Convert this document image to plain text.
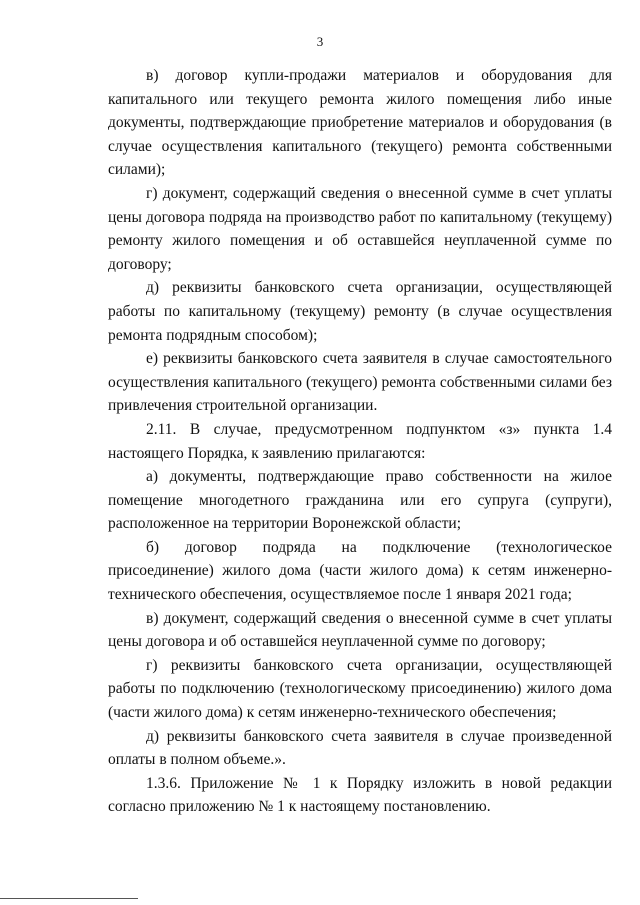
3

в) договор купли-продажи материалов и оборудования для капитального или текущего ремонта жилого помещения либо иные документы, подтверждающие приобретение материалов и оборудования (в случае осуществления капитального (текущего) ремонта собственными силами);

г) документ, содержащий сведения о внесенной сумме в счет уплаты цены договора подряда на производство работ по капитальному (текущему) ремонту жилого помещения и об оставшейся неуплаченной сумме по договору;

д) реквизиты банковского счета организации, осуществляющей работы по капитальному (текущему) ремонту (в случае осуществления ремонта подрядным способом);

е) реквизиты банковского счета заявителя в случае самостоятельного осуществления капитального (текущего) ремонта собственными силами без привлечения строительной организации.

2.11. В случае, предусмотренном подпунктом «з» пункта 1.4 настоящего Порядка, к заявлению прилагаются:

а) документы, подтверждающие право собственности на жилое помещение многодетного гражданина или его супруга (супруги), расположенное на территории Воронежской области;

б) договор подряда на подключение (технологическое присоединение) жилого дома (части жилого дома) к сетям инженерно-технического обеспечения, осуществляемое после 1 января 2021 года;

в) документ, содержащий сведения о внесенной сумме в счет уплаты цены договора и об оставшейся неуплаченной сумме по договору;

г) реквизиты банковского счета организации, осуществляющей работы по подключению (технологическому присоединению) жилого дома (части жилого дома) к сетям инженерно-технического обеспечения;

д) реквизиты банковского счета заявителя в случае произведенной оплаты в полном объеме.».

1.3.6. Приложение № 1 к Порядку изложить в новой редакции согласно приложению № 1 к настоящему постановлению.
